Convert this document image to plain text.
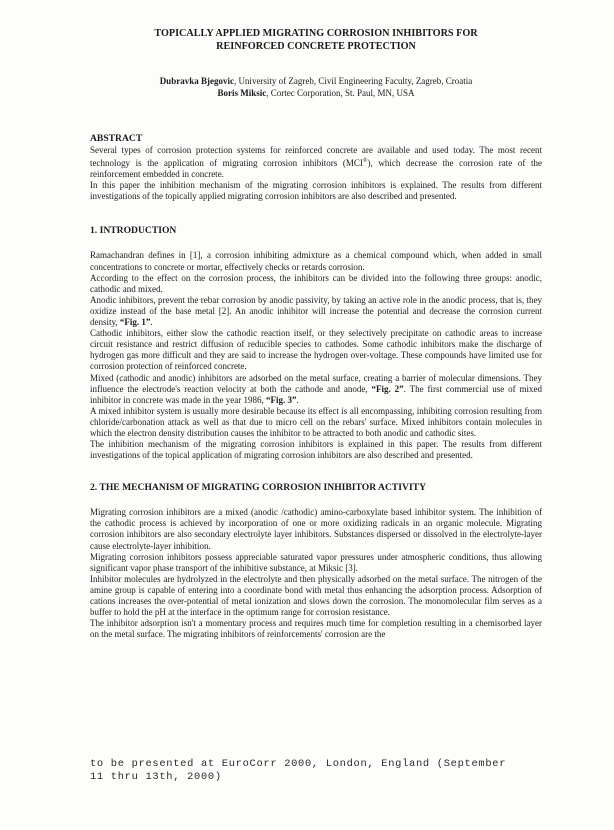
TOPICALLY APPLIED MIGRATING CORROSION INHIBITORS FOR
REINFORCED CONCRETE PROTECTION
Dubravka Bjegovic, University of Zagreb, Civil Engineering Faculty, Zagreb, Croatia
Boris Miksic, Cortec Corporation, St. Paul, MN, USA
ABSTRACT

Several types of corrosion protection systems for reinforced concrete are available and used today. The most recent technology is the application of migrating corrosion inhibitors (MCI®), which decrease the corrosion rate of the reinforcement embedded in concrete.

In this paper the inhibition mechanism of the migrating corrosion inhibitors is explained. The results from different investigations of the topically applied migrating corrosion inhibitors are also described and presented.

1. INTRODUCTION

Ramachandran defines in [1], a corrosion inhibiting admixture as a chemical compound which, when added in small concentrations to concrete or mortar, effectively checks or retards corrosion.

According to the effect on the corrosion process, the inhibitors can be divided into the following three groups: anodic, cathodic and mixed.

Anodic inhibitors, prevent the rebar corrosion by anodic passivity, by taking an active role in the anodic process, that is, they oxidize instead of the base metal [2]. An anodic inhibitor will increase the potential and decrease the corrosion current density, “Fig. 1”.

Cathodic inhibitors, either slow the cathodic reaction itself, or they selectively precipitate on cathodic areas to increase circuit resistance and restrict diffusion of reducible species to cathodes. Some cathodic inhibitors make the discharge of hydrogen gas more difficult and they are said to increase the hydrogen over-voltage. These compounds have limited use for corrosion protection of reinforced concrete.

Mixed (cathodic and anodic) inhibitors are adsorbed on the metal surface, creating a barrier of molecular dimensions. They influence the electrode's reaction velocity at both the cathode and anode, “Fig. 2”. The first commercial use of mixed inhibitor in concrete was made in the year 1986, “Fig. 3”.

A mixed inhibitor system is usually more desirable because its effect is all encompassing, inhibiting corrosion resulting from chloride/carbonation attack as well as that due to micro cell on the rebars' surface. Mixed inhibitors contain molecules in which the electron density distribution causes the inhibitor to be attracted to both anodic and cathodic sites.

The inhibition mechanism of the migrating corrosion inhibitors is explained in this paper. The results from different investigations of the topical application of migrating corrosion inhibitors are also described and presented.

2. THE MECHANISM OF MIGRATING CORROSION INHIBITOR ACTIVITY

Migrating corrosion inhibitors are a mixed (anodic /cathodic) amino-carboxylate based inhibitor system. The inhibition of the cathodic process is achieved by incorporation of one or more oxidizing radicals in an organic molecule. Migrating corrosion inhibitors are also secondary electrolyte layer inhibitors. Substances dispersed or dissolved in the electrolyte-layer cause electrolyte-layer inhibition.

Migrating corrosion inhibitors possess appreciable saturated vapor pressures under atmospheric conditions, thus allowing significant vapor phase transport of the inhibitive substance, at Miksic [3].

Inhibitor molecules are hydrolyzed in the electrolyte and then physically adsorbed on the metal surface. The nitrogen of the amine group is capable of entering into a coordinate bond with metal thus enhancing the adsorption process. Adsorption of cations increases the over-potential of metal ionization and slows down the corrosion. The monomolecular film serves as a buffer to hold the pH at the interface in the optimum range for corrosion resistance.

The inhibitor adsorption isn't a momentary process and requires much time for completion resulting in a chemisorbed layer on the metal surface. The migrating inhibitors of reinforcements' corrosion are the

to be presented at EuroCorr 2000, London, England (September
11 thru 13th, 2000)
